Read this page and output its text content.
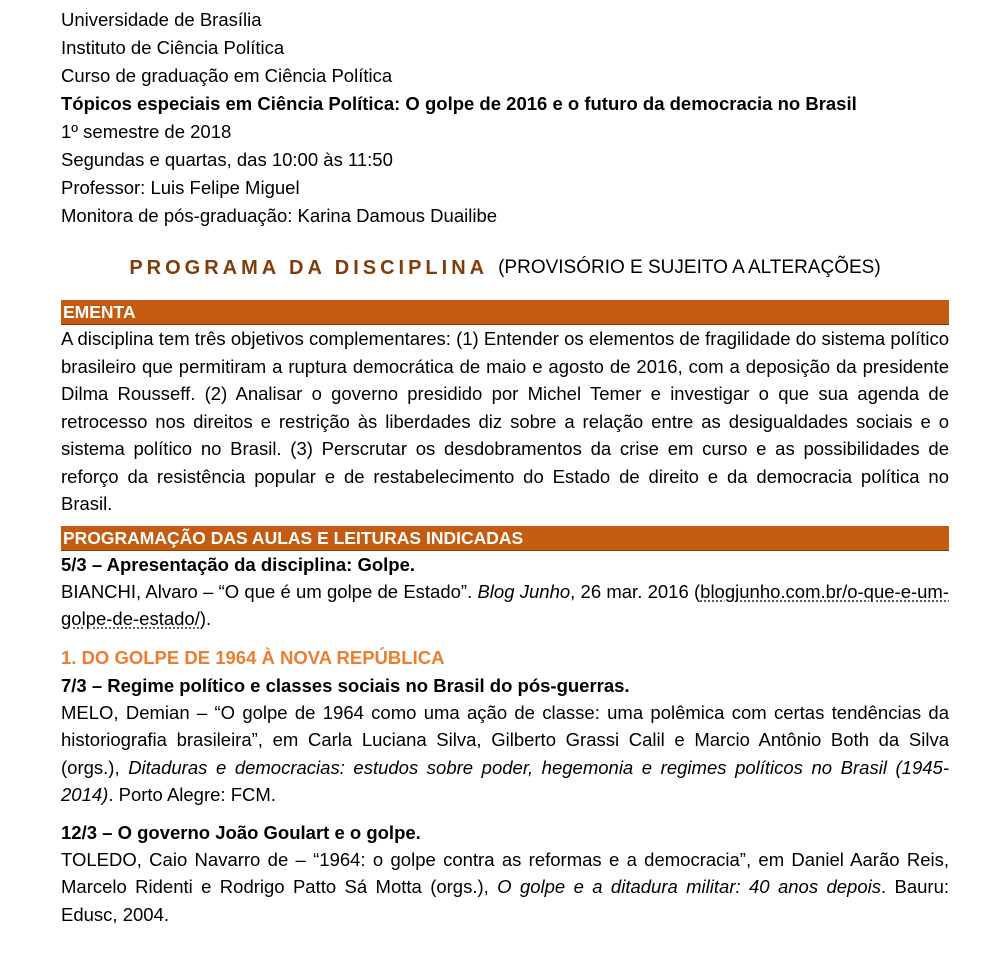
Universidade de Brasília
Instituto de Ciência Política
Curso de graduação em Ciência Política
Tópicos especiais em Ciência Política: O golpe de 2016 e o futuro da democracia no Brasil
1º semestre de 2018
Segundas e quartas, das 10:00 às 11:50
Professor: Luis Felipe Miguel
Monitora de pós-graduação: Karina Damous Duailibe
PROGRAMA DA DISCIPLINA (PROVISÓRIO E SUJEITO A ALTERAÇÕES)
EMENTA
A disciplina tem três objetivos complementares: (1) Entender os elementos de fragilidade do sistema político brasileiro que permitiram a ruptura democrática de maio e agosto de 2016, com a deposição da presidente Dilma Rousseff. (2) Analisar o governo presidido por Michel Temer e investigar o que sua agenda de retrocesso nos direitos e restrição às liberdades diz sobre a relação entre as desigualdades sociais e o sistema político no Brasil. (3) Perscrutar os desdobramentos da crise em curso e as possibilidades de reforço da resistência popular e de restabelecimento do Estado de direito e da democracia política no Brasil.
PROGRAMAÇÃO DAS AULAS E LEITURAS INDICADAS
5/3 – Apresentação da disciplina: Golpe.
BIANCHI, Alvaro – “O que é um golpe de Estado”. Blog Junho, 26 mar. 2016 (blogjunho.com.br/o-que-e-um-golpe-de-estado/).
1. DO GOLPE DE 1964 À NOVA REPÚBLICA
7/3 – Regime político e classes sociais no Brasil do pós-guerras.
MELO, Demian – “O golpe de 1964 como uma ação de classe: uma polêmica com certas tendências da historiografia brasileira”, em Carla Luciana Silva, Gilberto Grassi Calil e Marcio Antônio Both da Silva (orgs.), Ditaduras e democracias: estudos sobre poder, hegemonia e regimes políticos no Brasil (1945-2014). Porto Alegre: FCM.
12/3 – O governo João Goulart e o golpe.
TOLEDO, Caio Navarro de – “1964: o golpe contra as reformas e a democracia”, em Daniel Aarão Reis, Marcelo Ridenti e Rodrigo Patto Sá Motta (orgs.), O golpe e a ditadura militar: 40 anos depois. Bauru: Edusc, 2004.
